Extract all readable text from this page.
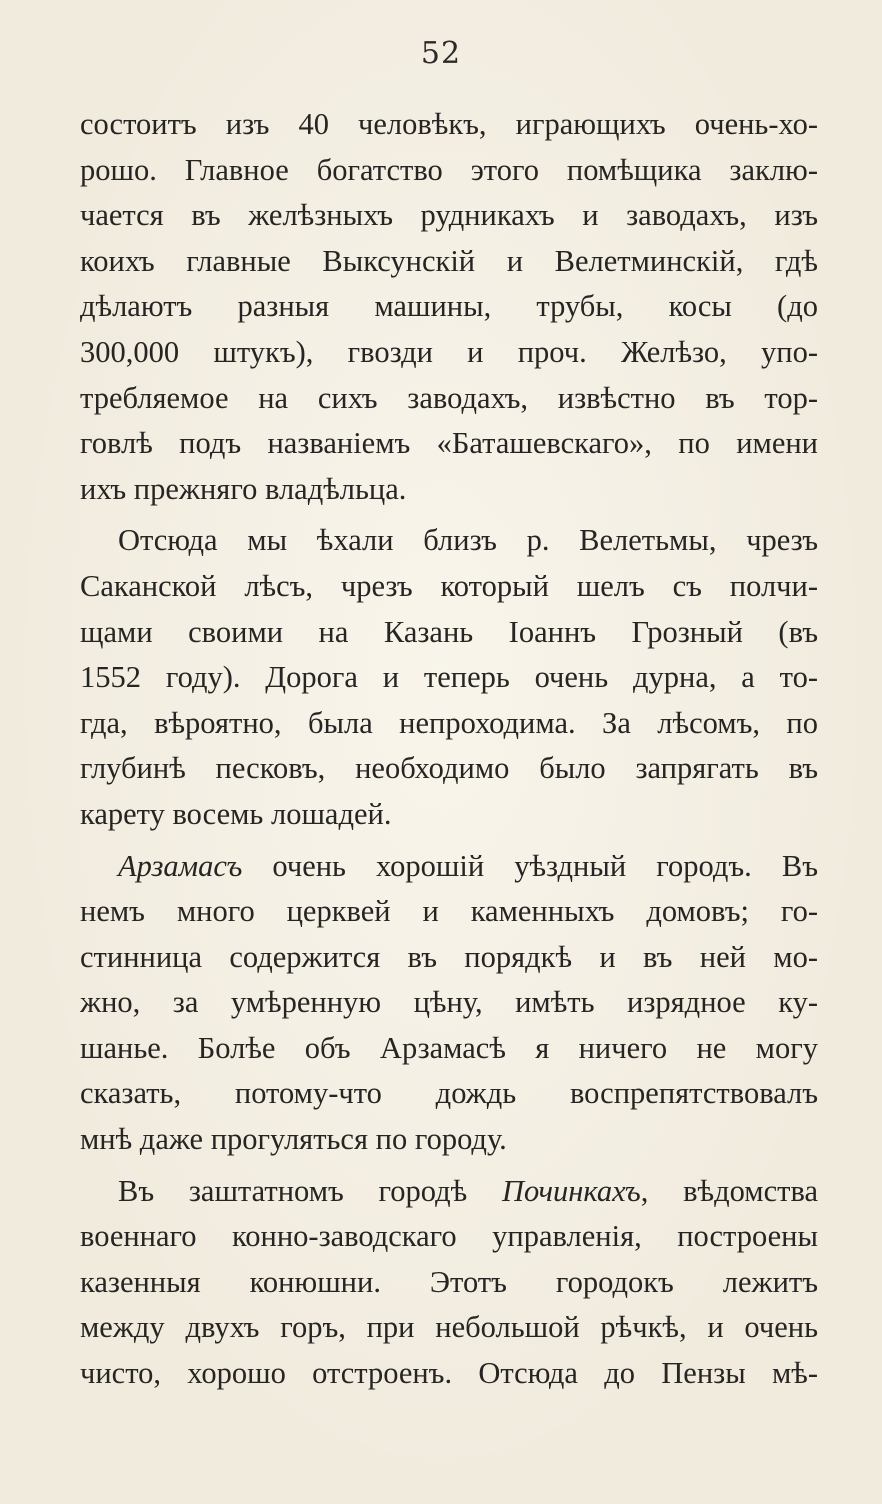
52
состоитъ изъ 40 человѣкъ, играющихъ очень-хо-
рошо. Главное богатство этого помѣщика заклю-
чается въ желѣзныхъ рудникахъ и заводахъ, изъ
коихъ главные Выксунскій и Велетминскій, гдѣ
дѣлаютъ разныя машины, трубы, косы (до
300,000 штукъ), гвозди и проч. Желѣзо, упо-
требляемое на сихъ заводахъ, извѣстно въ тор-
говлѣ подъ названіемъ «Баташевскаго», по имени
ихъ прежняго владѣльца.
Отсюда мы ѣхали близъ р. Велетьмы, чрезъ
Саканской лѣсъ, чрезъ который шелъ съ полчи-
щами своими на Казань Іоаннъ Грозный (въ
1552 году). Дорога и теперь очень дурна, а то-
гда, вѣроятно, была непроходима. За лѣсомъ, по
глубинѣ песковъ, необходимо было запрягать въ
карету восемь лошадей.
Арзамасъ очень хорошій уѣздный городъ. Въ
немъ много церквей и каменныхъ домовъ; го-
стинница содержится въ порядкѣ и въ ней мо-
жно, за умѣренную цѣну, имѣть изрядное ку-
шанье. Болѣе объ Арзамасѣ я ничего не могу
сказать, потому-что дождь воспрепятствовалъ
мнѣ даже прогуляться по городу.
Въ заштатномъ городѣ Починкахъ, вѣдомства
военнаго конно-заводскаго управленія, построены
казенныя конюшни. Этотъ городокъ лежитъ
между двухъ горъ, при небольшой рѣчкѣ, и очень
чисто, хорошо отстроенъ. Отсюда до Пензы мѣ-
